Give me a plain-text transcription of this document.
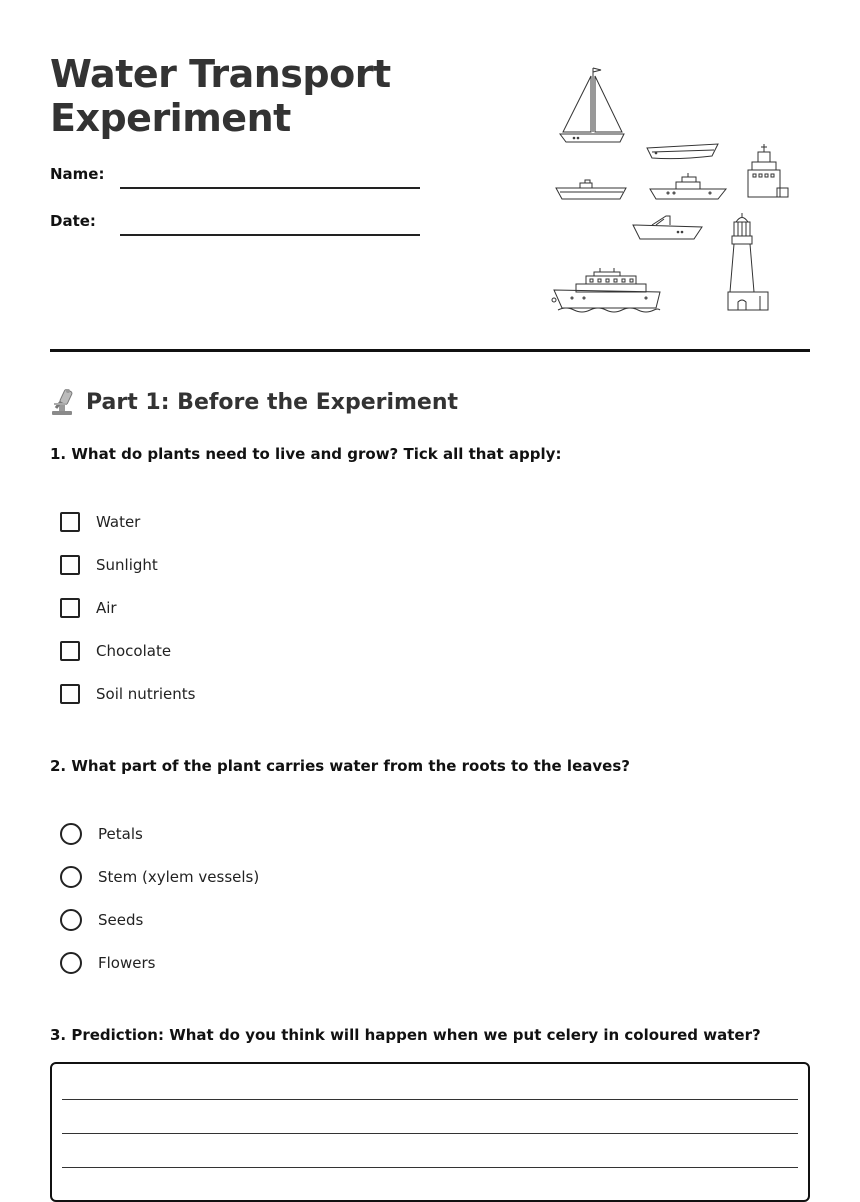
Water Transport
Experiment
Name:
Date:
Part 1: Before the Experiment

1. What do plants need to live and grow? Tick all that apply:

Water
Sunlight
Air
Chocolate
Soil nutrients

2. What part of the plant carries water from the roots to the leaves?

Petals
Stem (xylem vessels)
Seeds
Flowers

3. Prediction: What do you think will happen when we put celery in coloured water?
